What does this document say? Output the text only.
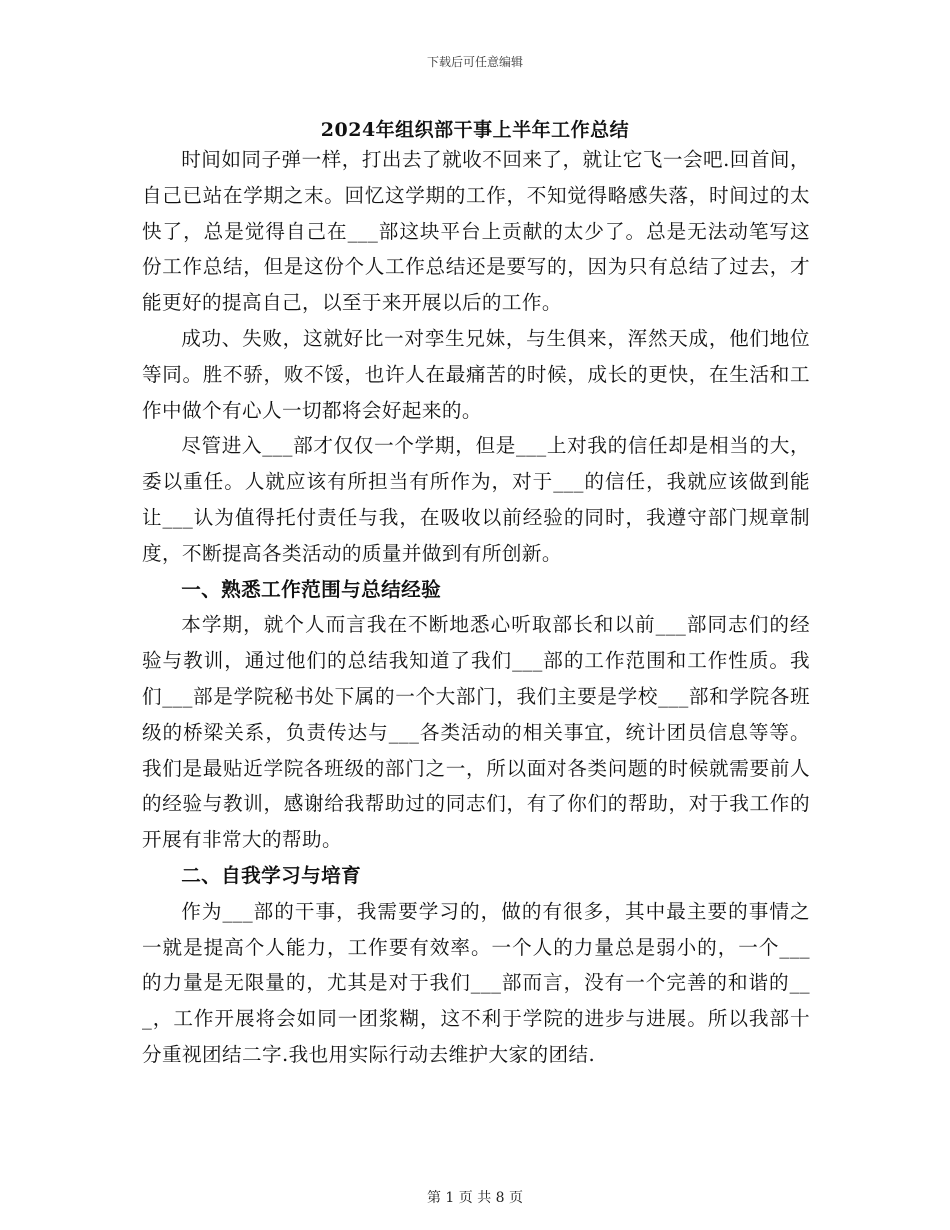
下载后可任意编辑
2024年组织部干事上半年工作总结

时间如同子弹一样，打出去了就收不回来了，就让它飞一会吧.回首间，自己已站在学期之末。回忆这学期的工作，不知觉得略感失落，时间过的太快了，总是觉得自己在___部这块平台上贡献的太少了。总是无法动笔写这份工作总结，但是这份个人工作总结还是要写的，因为只有总结了过去，才能更好的提高自己，以至于来开展以后的工作。

成功、失败，这就好比一对孪生兄妹，与生俱来，浑然天成，他们地位等同。胜不骄，败不馁，也许人在最痛苦的时候，成长的更快，在生活和工作中做个有心人一切都将会好起来的。

尽管进入___部才仅仅一个学期，但是___上对我的信任却是相当的大，委以重任。人就应该有所担当有所作为，对于___的信任，我就应该做到能让___认为值得托付责任与我，在吸收以前经验的同时，我遵守部门规章制度，不断提高各类活动的质量并做到有所创新。

一、熟悉工作范围与总结经验

本学期，就个人而言我在不断地悉心听取部长和以前___部同志们的经验与教训，通过他们的总结我知道了我们___部的工作范围和工作性质。我们___部是学院秘书处下属的一个大部门，我们主要是学校___部和学院各班级的桥梁关系，负责传达与___各类活动的相关事宜，统计团员信息等等。我们是最贴近学院各班级的部门之一，所以面对各类问题的时候就需要前人的经验与教训，感谢给我帮助过的同志们，有了你们的帮助，对于我工作的开展有非常大的帮助。

二、自我学习与培育

作为___部的干事，我需要学习的，做的有很多，其中最主要的事情之一就是提高个人能力，工作要有效率。一个人的力量总是弱小的，一个___的力量是无限量的，尤其是对于我们___部而言，没有一个完善的和谐的___，工作开展将会如同一团浆糊，这不利于学院的进步与进展。所以我部十分重视团结二字.我也用实际行动去维护大家的团结.

第 1 页 共 8 页
